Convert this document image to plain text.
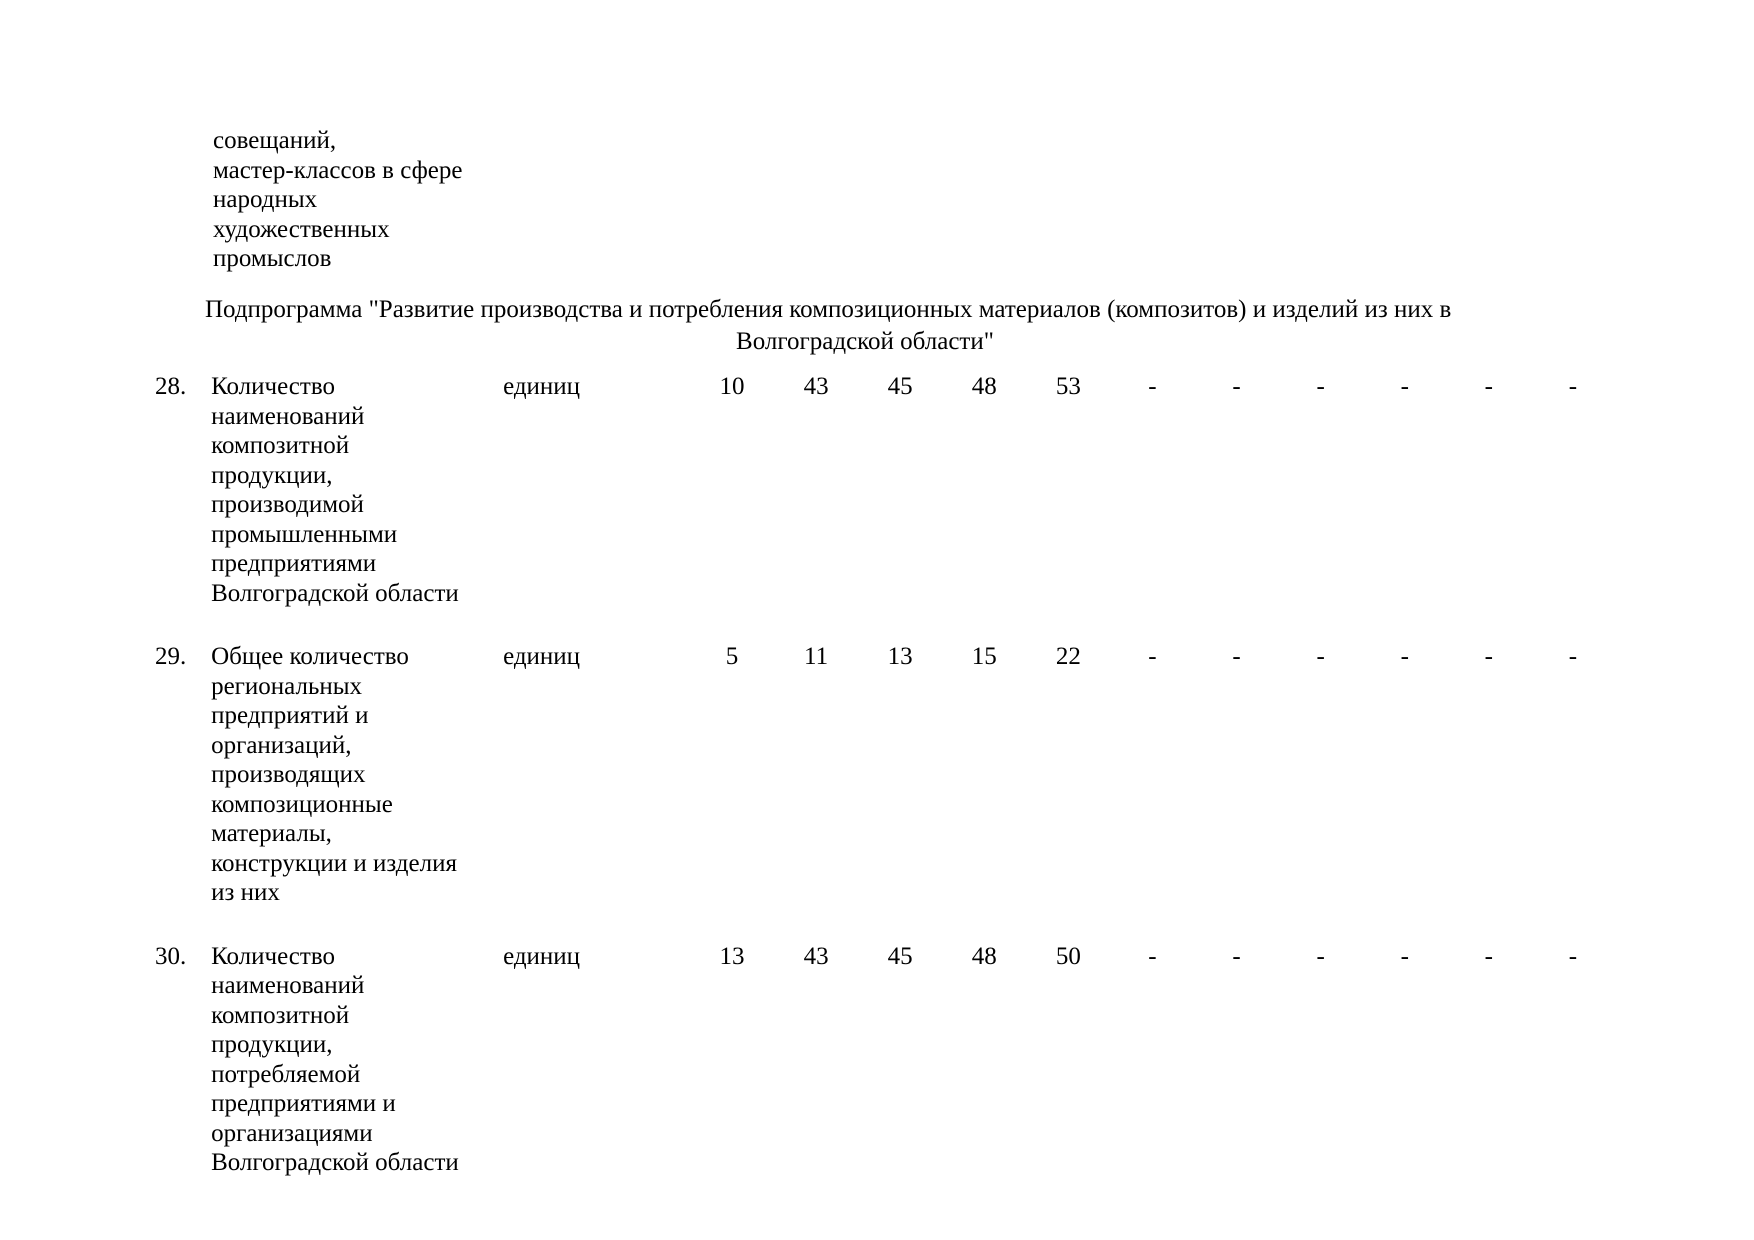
совещаний,
мастер-классов в сфере
народных
художественных
промыслов
Подпрограмма "Развитие производства и потребления композиционных материалов (композитов) и изделий из них в
Волгоградской области"
28.	Количество
наименований
композитной
продукции,
производимой
промышленными
предприятиями
Волгоградской области
	единиц	10	43	45	48	53	-	-	-	-	-	-

29.	Общее количество
региональных
предприятий и
организаций,
производящих
композиционные
материалы,
конструкции и изделия
из них
	единиц	5	11	13	15	22	-	-	-	-	-	-

30.	Количество
наименований
композитной
продукции,
потребляемой
предприятиями и
организациями
Волгоградской области
	единиц	13	43	45	48	50	-	-	-	-	-	-
